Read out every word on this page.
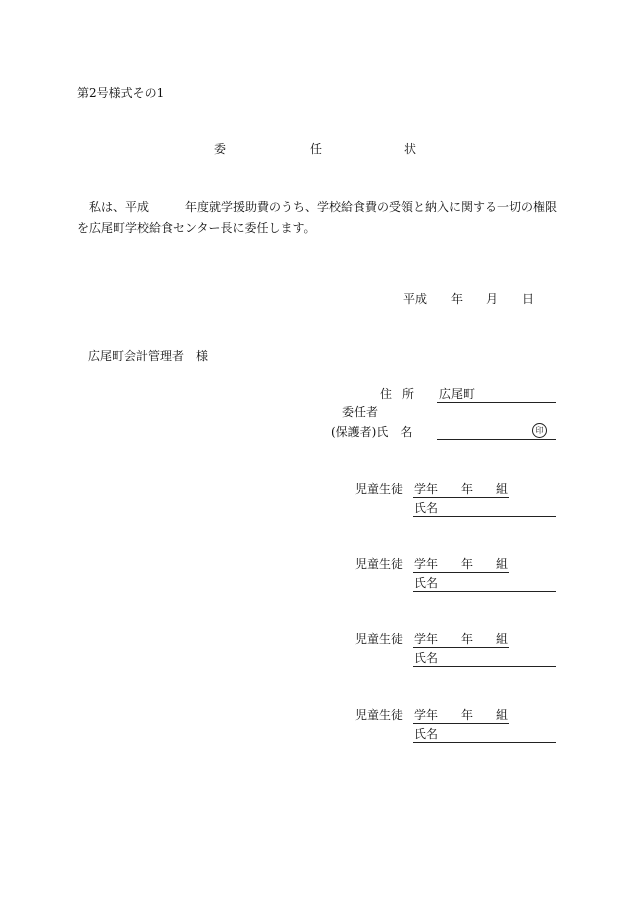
第2号様式その1
委	任	状
私は、平成　　　年度就学援助費のうち、学校給食費の受領と納入に関する一切の権限を広尾町学校給食センター長に委任します。
平成 年 月 日
広尾町会計管理者　様
住 所 広尾町
委任者
(保護者)氏　名	印
児童生徒 学年 年 組
氏名
児童生徒 学年 年 組
氏名
児童生徒 学年 年 組
氏名
児童生徒 学年 年 組
氏名
